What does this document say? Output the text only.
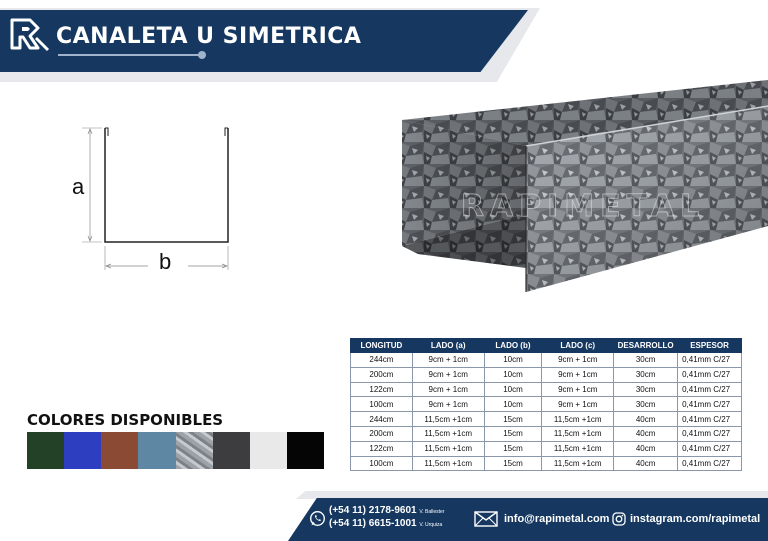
CANALETA U SIMETRICA
a
b
RAPIMETAL
LONGITUD	LADO (a)	LADO (b)	LADO (c)	DESARROLLO	ESPESOR
244cm	9cm + 1cm	10cm	9cm + 1cm	30cm	0,41mm C/27
200cm	9cm + 1cm	10cm	9cm + 1cm	30cm	0,41mm C/27
122cm	9cm + 1cm	10cm	9cm + 1cm	30cm	0,41mm C/27
100cm	9cm + 1cm	10cm	9cm + 1cm	30cm	0,41mm C/27
244cm	11,5cm +1cm	15cm	11,5cm +1cm	40cm	0,41mm C/27
200cm	11,5cm +1cm	15cm	11,5cm +1cm	40cm	0,41mm C/27
122cm	11,5cm +1cm	15cm	11,5cm +1cm	40cm	0,41mm C/27
100cm	11,5cm +1cm	15cm	11,5cm +1cm	40cm	0,41mm C/27
COLORES DISPONIBLES
(+54 11) 2178-9601 V. Ballester
(+54 11) 6615-1001 V. Urquiza	info@rapimetal.com instagram.com/rapimetal
